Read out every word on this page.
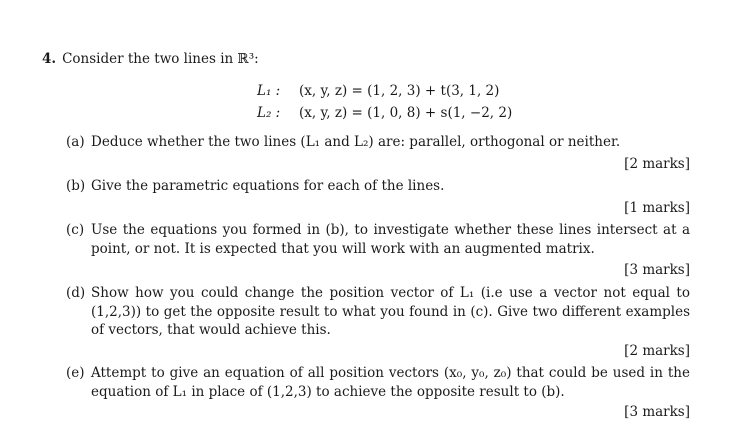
4. Consider the two lines in ℝ³:
L₁ : (x, y, z) = (1, 2, 3) + t(3, 1, 2)
L₂ : (x, y, z) = (1, 0, 8) + s(1, −2, 2)
(a) Deduce whether the two lines (L₁ and L₂) are: parallel, orthogonal or neither.
[2 marks]
(b) Give the parametric equations for each of the lines.
[1 marks]
(c) Use the equations you formed in (b), to investigate whether these lines intersect at a point, or not. It is expected that you will work with an augmented matrix.
[3 marks]
(d) Show how you could change the position vector of L₁ (i.e use a vector not equal to (1,2,3)) to get the opposite result to what you found in (c). Give two different examples of vectors, that would achieve this.
[2 marks]
(e) Attempt to give an equation of all position vectors (x₀, y₀, z₀) that could be used in the equation of L₁ in place of (1,2,3) to achieve the opposite result to (b).
[3 marks]
